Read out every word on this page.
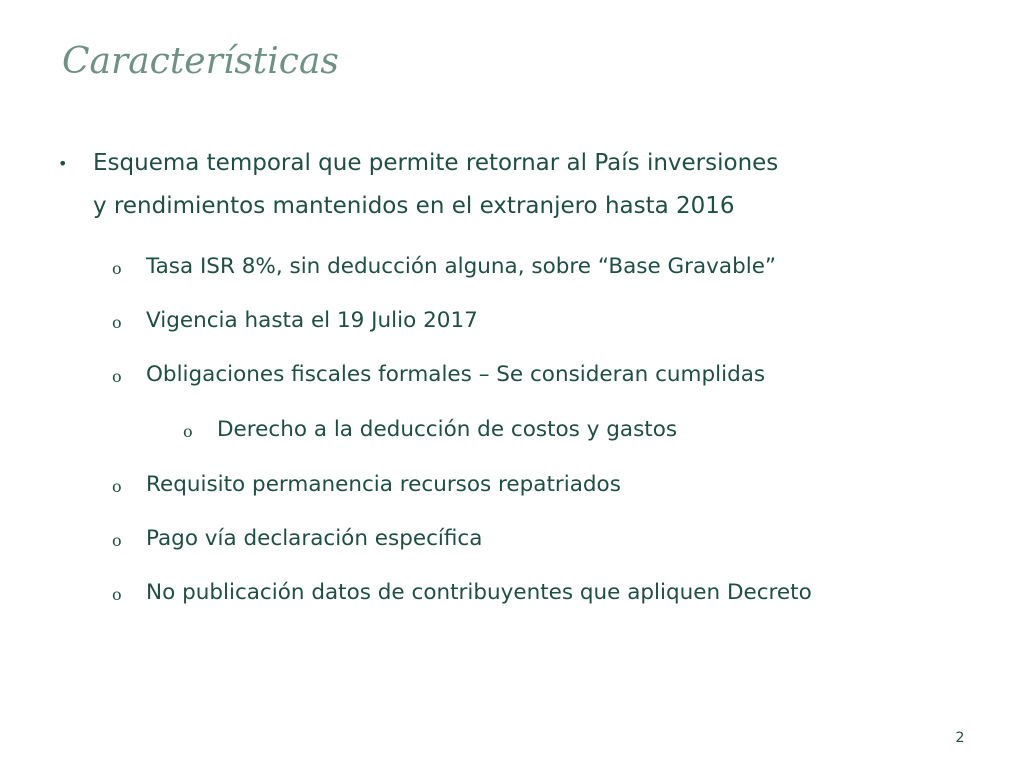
Características
• Esquema temporal que permite retornar al País inversiones
y rendimientos mantenidos en el extranjero hasta 2016
o Tasa ISR 8%, sin deducción alguna, sobre “Base Gravable”
o Vigencia hasta el 19 Julio 2017
o Obligaciones fiscales formales – Se consideran cumplidas
o Derecho a la deducción de costos y gastos
o Requisito permanencia recursos repatriados
o Pago vía declaración específica
o No publicación datos de contribuyentes que apliquen Decreto
2
